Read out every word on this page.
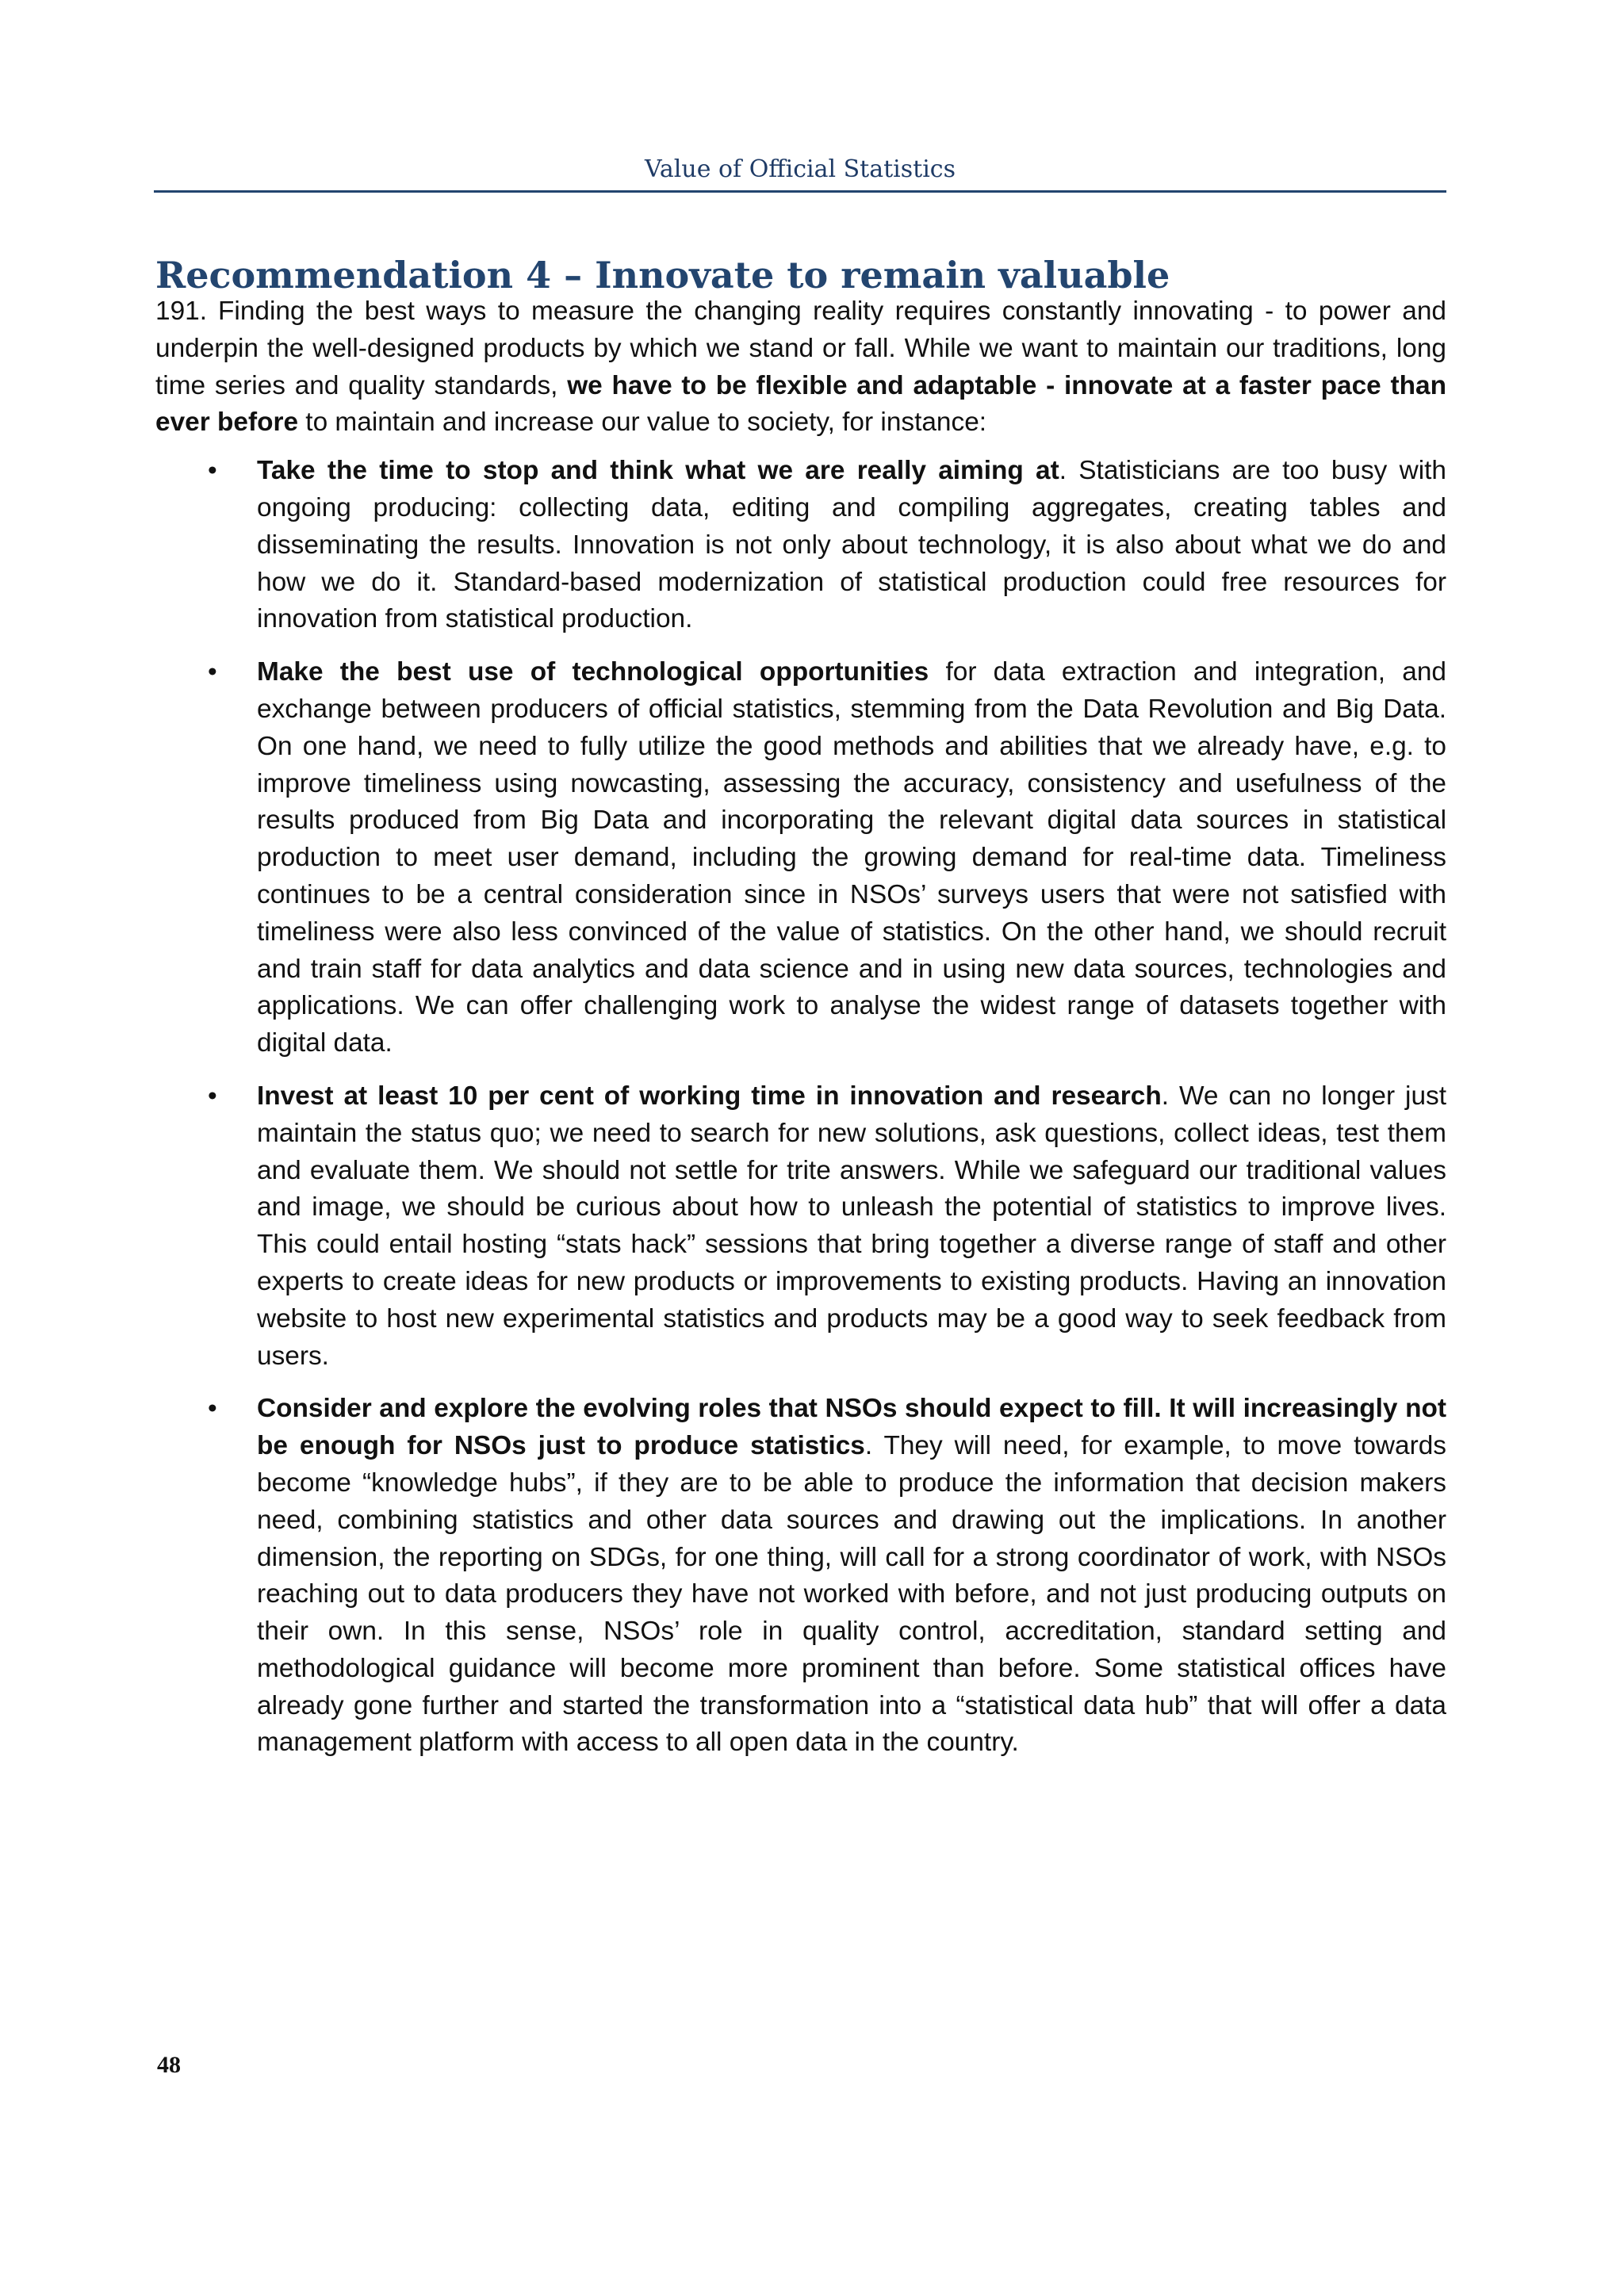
Value of Official Statistics
Recommendation 4 – Innovate to remain valuable

191. Finding the best ways to measure the changing reality requires constantly innovating - to power and underpin the well-designed products by which we stand or fall. While we want to maintain our traditions, long time series and quality standards, we have to be flexible and adaptable - innovate at a faster pace than ever before to maintain and increase our value to society, for instance:

• Take the time to stop and think what we are really aiming at. Statisticians are too busy with ongoing producing: collecting data, editing and compiling aggregates, creating tables and disseminating the results. Innovation is not only about technology, it is also about what we do and how we do it. Standard-based modernization of statistical production could free resources for innovation from statistical production.
• Make the best use of technological opportunities for data extraction and integration, and exchange between producers of official statistics, stemming from the Data Revolution and Big Data. On one hand, we need to fully utilize the good methods and abilities that we already have, e.g. to improve timeliness using nowcasting, assessing the accuracy, consistency and usefulness of the results produced from Big Data and incorporating the relevant digital data sources in statistical production to meet user demand, including the growing demand for real-time data. Timeliness continues to be a central consideration since in NSOs’ surveys users that were not satisfied with timeliness were also less convinced of the value of statistics. On the other hand, we should recruit and train staff for data analytics and data science and in using new data sources, technologies and applications. We can offer challenging work to analyse the widest range of datasets together with digital data.
• Invest at least 10 per cent of working time in innovation and research. We can no longer just maintain the status quo; we need to search for new solutions, ask questions, collect ideas, test them and evaluate them. We should not settle for trite answers. While we safeguard our traditional values and image, we should be curious about how to unleash the potential of statistics to improve lives. This could entail hosting “stats hack” sessions that bring together a diverse range of staff and other experts to create ideas for new products or improvements to existing products. Having an innovation website to host new experimental statistics and products may be a good way to seek feedback from users.
• Consider and explore the evolving roles that NSOs should expect to fill. It will increasingly not be enough for NSOs just to produce statistics. They will need, for example, to move towards become “knowledge hubs”, if they are to be able to produce the information that decision makers need, combining statistics and other data sources and drawing out the implications. In another dimension, the reporting on SDGs, for one thing, will call for a strong coordinator of work, with NSOs reaching out to data producers they have not worked with before, and not just producing outputs on their own. In this sense, NSOs’ role in quality control, accreditation, standard setting and methodological guidance will become more prominent than before. Some statistical offices have already gone further and started the transformation into a “statistical data hub” that will offer a data management platform with access to all open data in the country.
48
